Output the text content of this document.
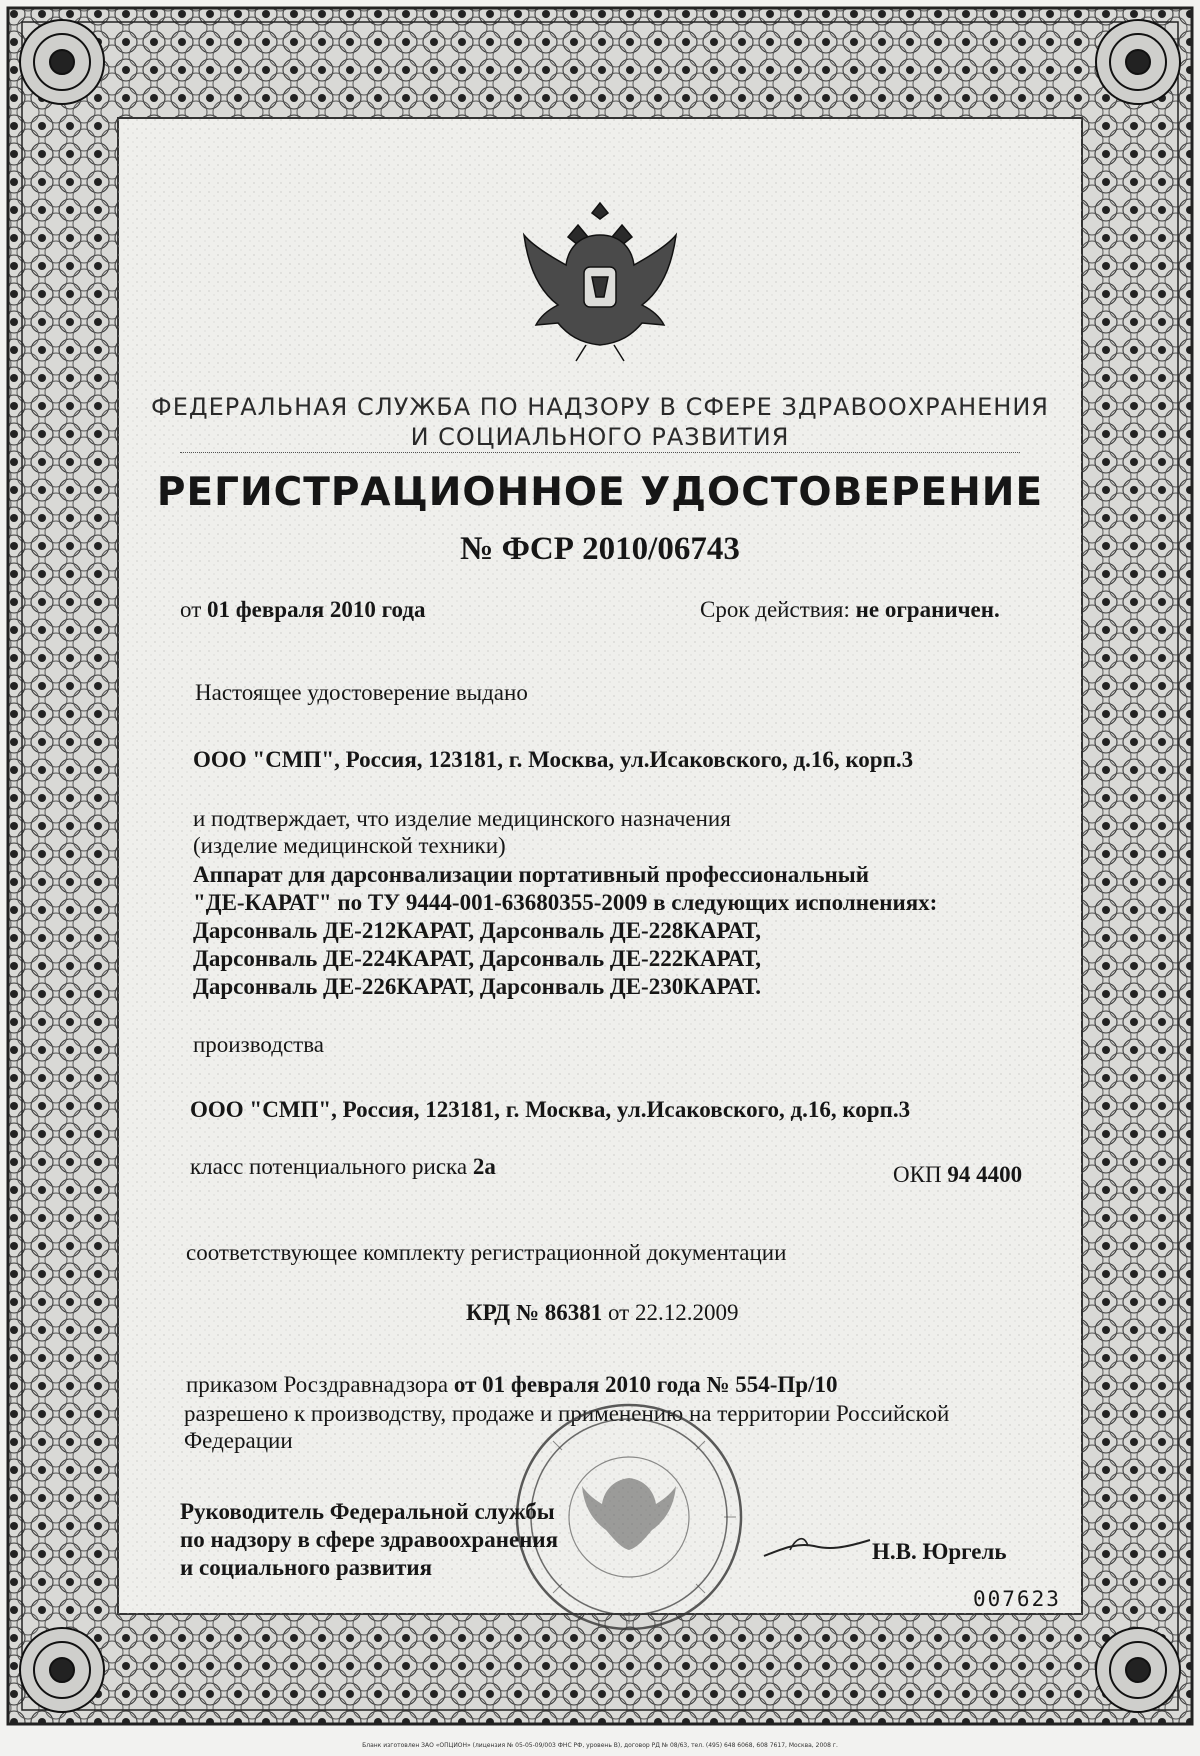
ФЕДЕРАЛЬНАЯ СЛУЖБА ПО НАДЗОРУ В СФЕРЕ ЗДРАВООХРАНЕНИЯ
И СОЦИАЛЬНОГО РАЗВИТИЯ
РЕГИСТРАЦИОННОЕ УДОСТОВЕРЕНИЕ
№ ФСР 2010/06743
от 01 февраля 2010 года	Срок действия: не ограничен.
Настоящее удостоверение выдано
ООО "СМП", Россия, 123181, г. Москва, ул.Исаковского, д.16, корп.3
и подтверждает, что изделие медицинского назначения
(изделие медицинской техники)
Аппарат для дарсонвализации портативный профессиональный
"ДЕ-КАРАТ" по ТУ 9444-001-63680355-2009 в следующих исполнениях:
Дарсонваль ДЕ-212КАРАТ, Дарсонваль ДЕ-228КАРАТ,
Дарсонваль ДЕ-224КАРАТ, Дарсонваль ДЕ-222КАРАТ,
Дарсонваль ДЕ-226КАРАТ, Дарсонваль ДЕ-230КАРАТ.
производства
ООО "СМП", Россия, 123181, г. Москва, ул.Исаковского, д.16, корп.3
класс потенциального риска 2а	ОКП 94 4400
соответствующее комплекту регистрационной документации
КРД № 86381 от 22.12.2009
приказом Росздравнадзора от 01 февраля 2010 года № 554-Пр/10
разрешено к производству, продаже и применению на территории Российской
Федерации
Руководитель Федеральной службы
по надзору в сфере здравоохранения
и социального развития
Н.В. Юргель
007623
Бланк изготовлен ЗАО «ОПЦИОН» (лицензия № 05-05-09/003 ФНС РФ, уровень В), договор РД № 08/63, тел. (495) 648 6068, 608 7617, Москва, 2008 г.
